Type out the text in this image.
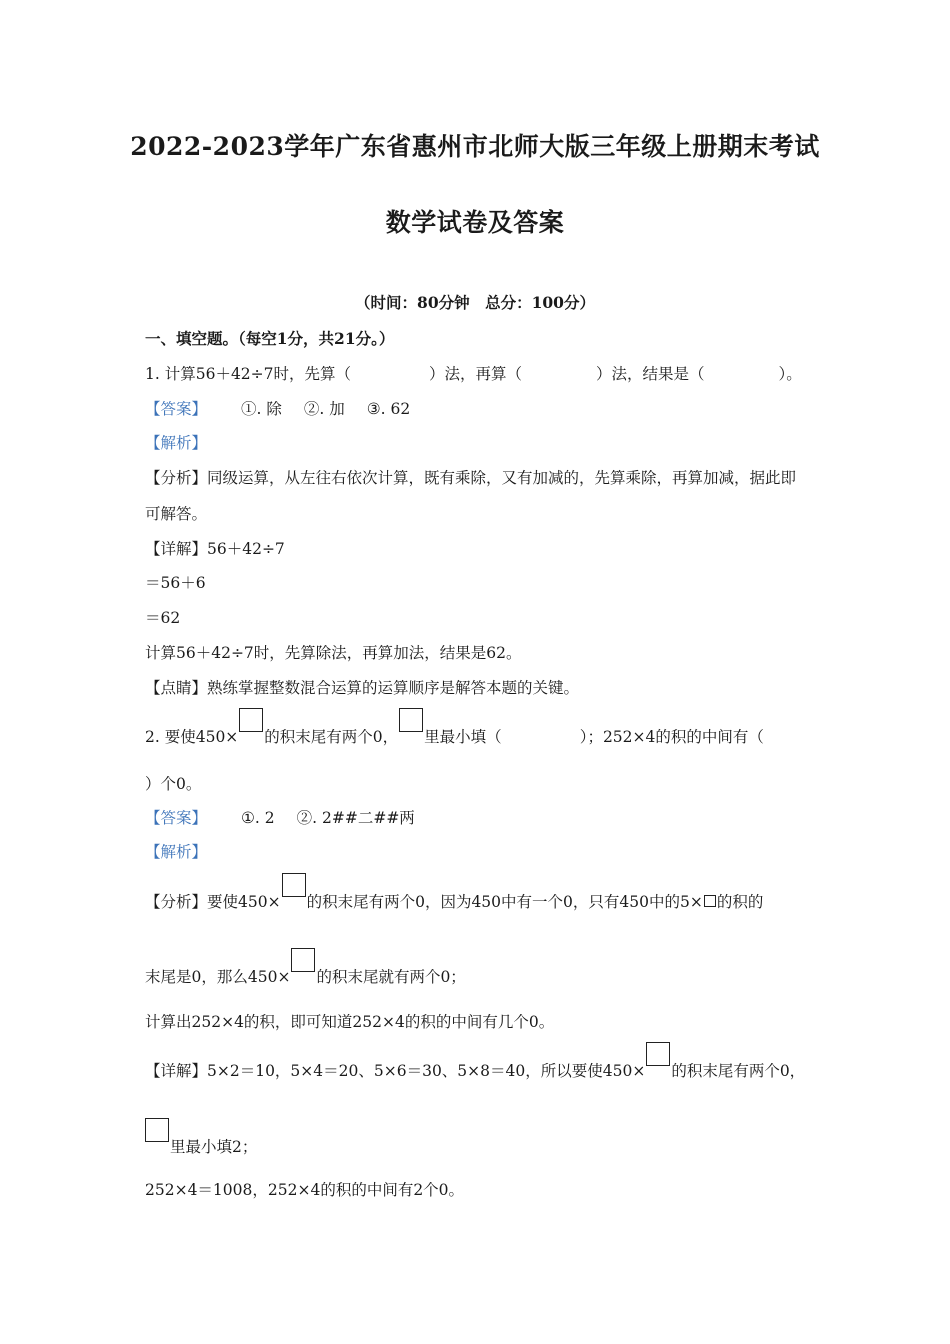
2022-2023学年广东省惠州市北师大版三年级上册期末考试
数学试卷及答案
（时间：80分钟　总分：100分）
一、填空题。（每空1分，共21分。）
1. 计算56＋42÷7时，先算（	）法，再算（	）法，结果是（	）。
【答案】 ①. 除 ②. 加 ③. 62
【解析】
【分析】同级运算，从左往右依次计算，既有乘除，又有加减的，先算乘除，再算加减，据此即
可解答。
【详解】56＋42÷7
＝56＋6
＝62
计算56＋42÷7时，先算除法，再算加法，结果是62。
【点睛】熟练掌握整数混合运算的运算顺序是解答本题的关键。
2. 要使450× 的积末尾有两个0， 里最小填（	）；252×4的积的中间有（
）个0。
【答案】 ①. 2 ②. 2##二##两
【解析】
【分析】要使450× 的积末尾有两个0，因为450中有一个0，只有450中的5× 的积的
末尾是0，那么450× 的积末尾就有两个0；
计算出252×4的积，即可知道252×4的积的中间有几个0。
【详解】5×2＝10，5×4＝20、5×6＝30、5×8＝40，所以要使450× 的积末尾有两个0，
里最小填2；
252×4＝1008，252×4的积的中间有2个0。
